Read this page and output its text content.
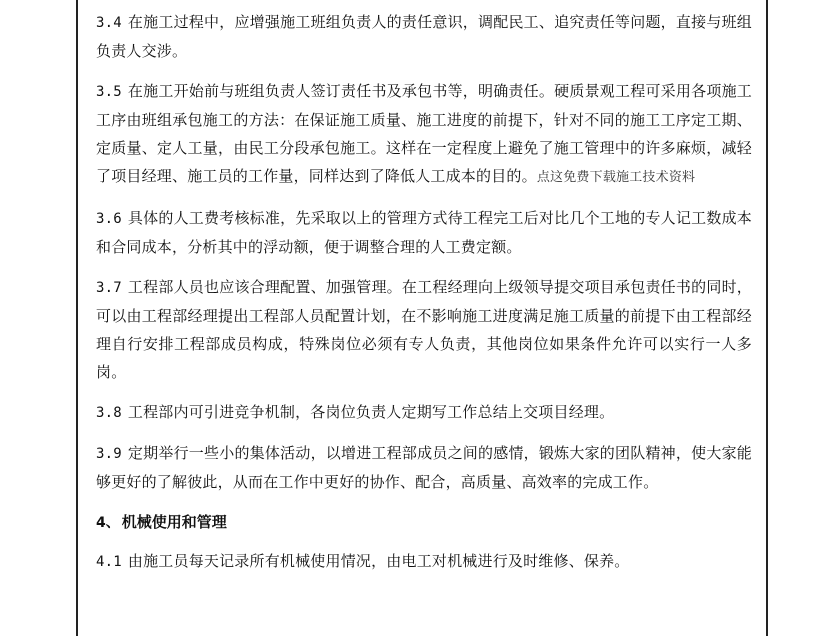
3.4 在施工过程中，应增强施工班组负责人的责任意识，调配民工、追究责任等问题，直接与班组负责人交涉。

3.5 在施工开始前与班组负责人签订责任书及承包书等，明确责任。硬质景观工程可采用各项施工工序由班组承包施工的方法：在保证施工质量、施工进度的前提下，针对不同的施工工序定工期、定质量、定人工量，由民工分段承包施工。这样在一定程度上避免了施工管理中的许多麻烦，减轻了项目经理、施工员的工作量，同样达到了降低人工成本的目的。点这免费下载施工技术资料

3.6 具体的人工费考核标准，先采取以上的管理方式待工程完工后对比几个工地的专人记工数成本和合同成本，分析其中的浮动额，便于调整合理的人工费定额。

3.7 工程部人员也应该合理配置、加强管理。在工程经理向上级领导提交项目承包责任书的同时，可以由工程部经理提出工程部人员配置计划，在不影响施工进度满足施工质量的前提下由工程部经理自行安排工程部成员构成，特殊岗位必须有专人负责，其他岗位如果条件允许可以实行一人多岗。

3.8 工程部内可引进竞争机制，各岗位负责人定期写工作总结上交项目经理。

3.9 定期举行一些小的集体活动，以增进工程部成员之间的感情，锻炼大家的团队精神，使大家能够更好的了解彼此，从而在工作中更好的协作、配合，高质量、高效率的完成工作。

4、 机械使用和管理

4.1 由施工员每天记录所有机械使用情况，由电工对机械进行及时维修、保养。
